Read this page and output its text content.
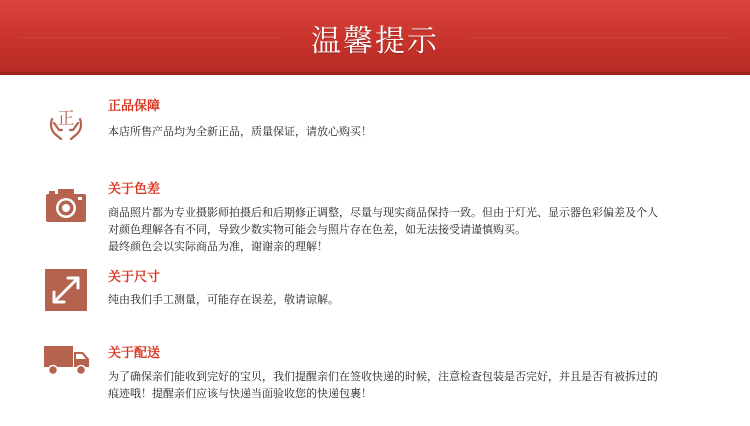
温馨提示
正
正品保障

本店所售产品均为全新正品，质量保证，请放心购买！

关于色差

商品照片都为专业摄影师拍摄后和后期修正调整，尽量与现实商品保持一致。但由于灯光、显示器色彩偏差及个人

对颜色理解各有不同，导致少数实物可能会与照片存在色差，如无法接受请谨慎购买。

最终颜色会以实际商品为准，谢谢亲的理解！

关于尺寸

纯由我们手工测量，可能存在误差，敬请谅解。

关于配送

为了确保亲们能收到完好的宝贝，我们提醒亲们在签收快递的时候，注意检查包装是否完好，并且是否有被拆过的

痕迹哦！提醒亲们应该与快递当面验收您的快递包裹！
